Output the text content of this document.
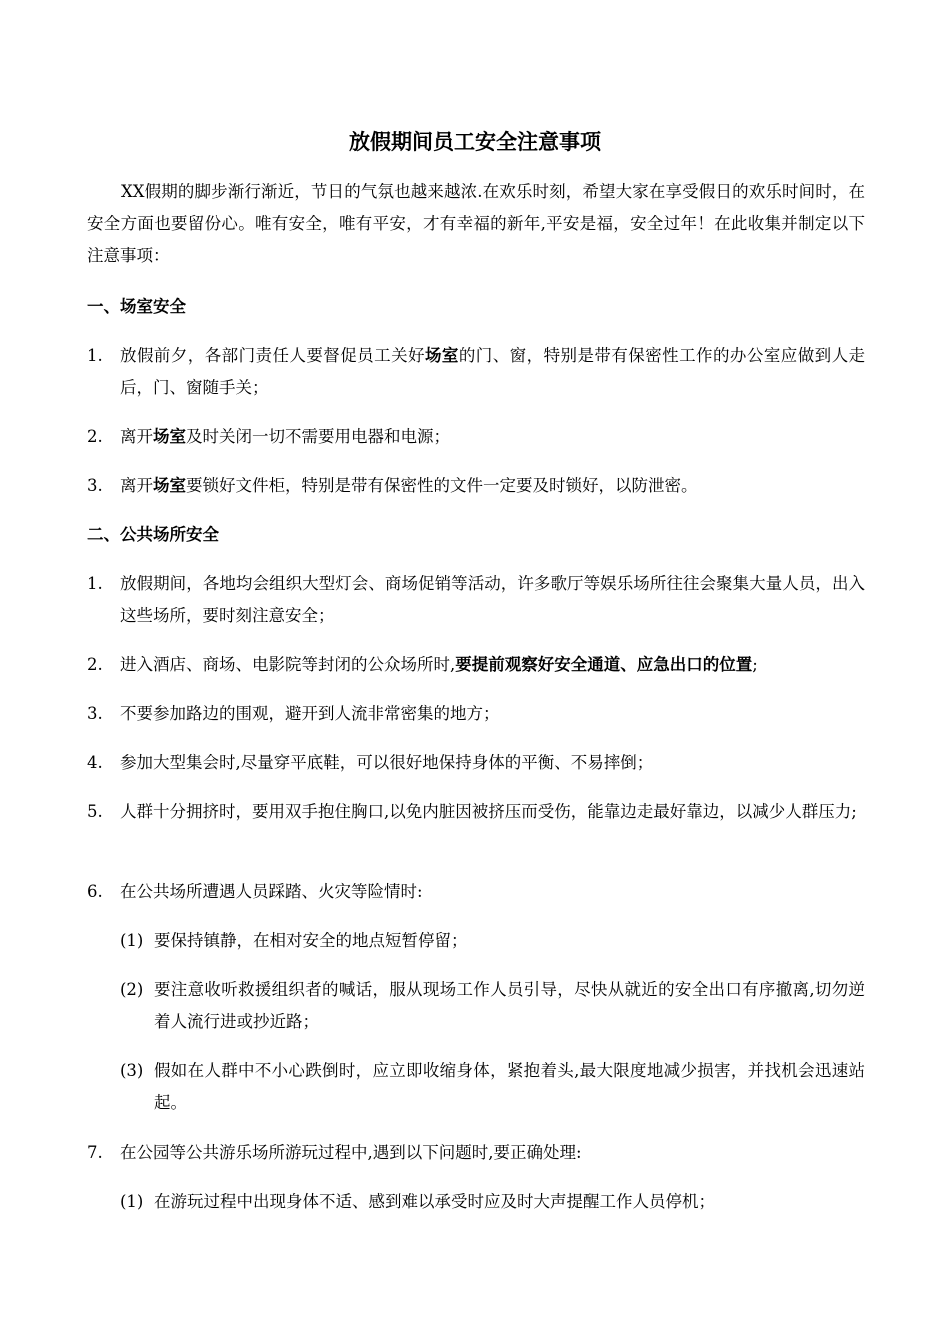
放假期间员工安全注意事项
XX假期的脚步渐行渐近，节日的气氛也越来越浓.在欢乐时刻，希望大家在享受假日的欢乐时间时，在安全方面也要留份心。唯有安全，唯有平安，才有幸福的新年,平安是福，安全过年！在此收集并制定以下注意事项：
一、场室安全
1.	放假前夕，各部门责任人要督促员工关好场室的门、窗，特别是带有保密性工作的办公室应做到人走后，门、窗随手关；
2.	离开场室及时关闭一切不需要用电器和电源；
3.	离开场室要锁好文件柜，特别是带有保密性的文件一定要及时锁好，以防泄密。
二、公共场所安全
1.	放假期间，各地均会组织大型灯会、商场促销等活动，许多歌厅等娱乐场所往往会聚集大量人员，出入这些场所，要时刻注意安全；
2.	进入酒店、商场、电影院等封闭的公众场所时,要提前观察好安全通道、应急出口的位置;
3.	不要参加路边的围观，避开到人流非常密集的地方；
4.	参加大型集会时,尽量穿平底鞋，可以很好地保持身体的平衡、不易摔倒；
5.	人群十分拥挤时，要用双手抱住胸口,以免内脏因被挤压而受伤，能靠边走最好靠边，以减少人群压力;
6.	在公共场所遭遇人员踩踏、火灾等险情时:
(1) 要保持镇静，在相对安全的地点短暂停留；
(2) 要注意收听救援组织者的喊话，服从现场工作人员引导，尽快从就近的安全出口有序撤离,切勿逆着人流行进或抄近路；
(3) 假如在人群中不小心跌倒时，应立即收缩身体，紧抱着头,最大限度地减少损害，并找机会迅速站起。
7.	在公园等公共游乐场所游玩过程中,遇到以下问题时,要正确处理:
(1) 在游玩过程中出现身体不适、感到难以承受时应及时大声提醒工作人员停机；
